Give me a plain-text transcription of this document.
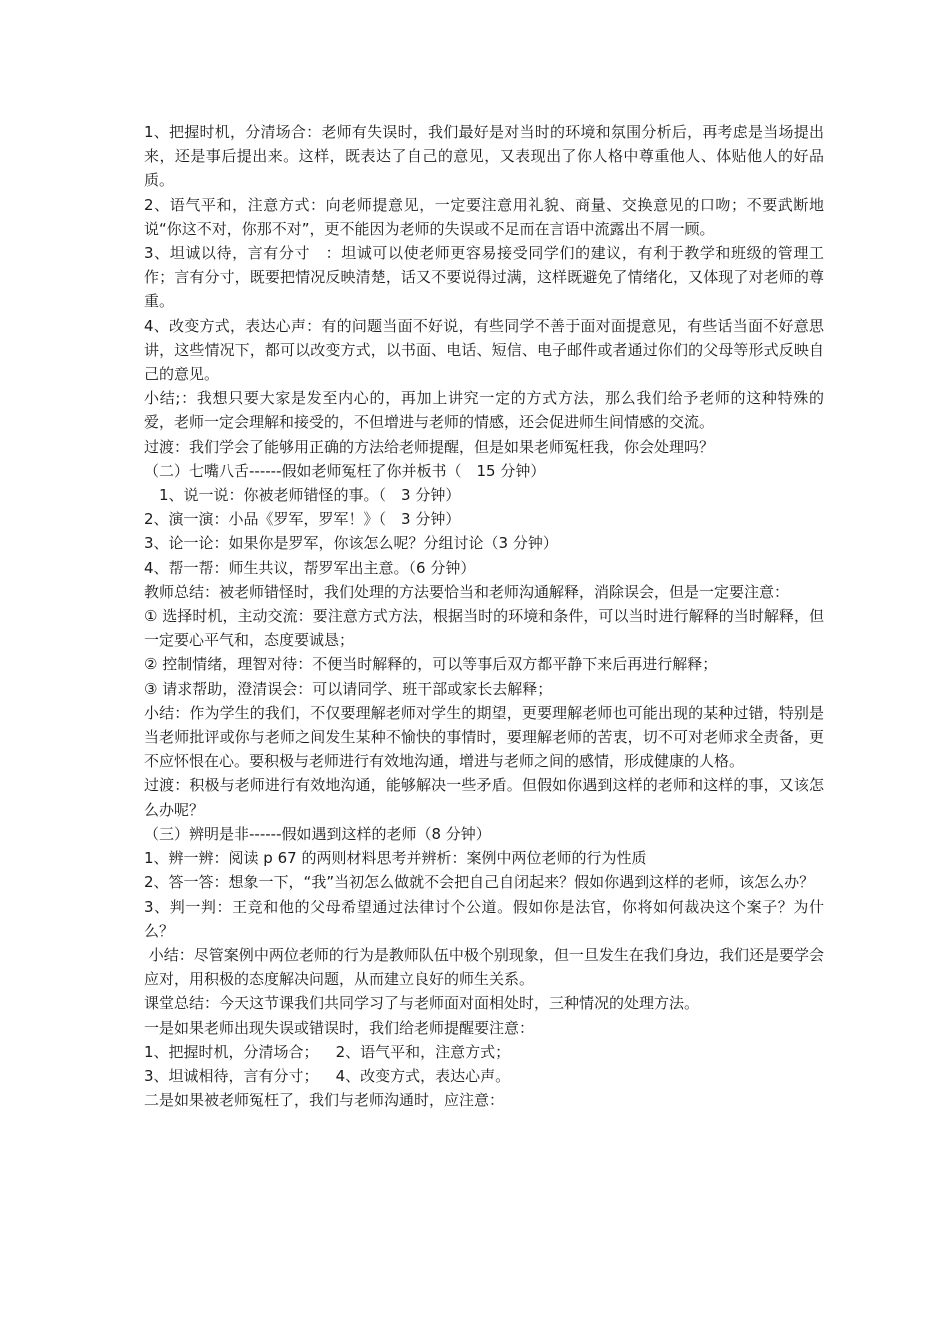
1、把握时机，分清场合：老师有失误时，我们最好是对当时的环境和氛围分析后，再考虑是当场提出来，还是事后提出来。这样，既表达了自己的意见，又表现出了你人格中尊重他人、体贴他人的好品质。

2、语气平和，注意方式：向老师提意见，一定要注意用礼貌、商量、交换意见的口吻；不要武断地说“你这不对，你那不对”，更不能因为老师的失误或不足而在言语中流露出不屑一顾。

3、坦诚以待，言有分寸　：坦诚可以使老师更容易接受同学们的建议，有利于教学和班级的管理工作；言有分寸，既要把情况反映清楚，话又不要说得过满，这样既避免了情绪化，又体现了对老师的尊重。

4、改变方式，表达心声：有的问题当面不好说，有些同学不善于面对面提意见，有些话当面不好意思讲，这些情况下，都可以改变方式，以书面、电话、短信、电子邮件或者通过你们的父母等形式反映自己的意见。

小结;：我想只要大家是发至内心的，再加上讲究一定的方式方法，那么我们给予老师的这种特殊的爱，老师一定会理解和接受的，不但增进与老师的情感，还会促进师生间情感的交流。

过渡：我们学会了能够用正确的方法给老师提醒，但是如果老师冤枉我，你会处理吗？

（二）七嘴八舌------假如老师冤枉了你并板书（　15 分钟）

　1、说一说：你被老师错怪的事。（　3 分钟）

2、演一演：小品《罗军，罗军！》（　3 分钟）

3、论一论：如果你是罗军，你该怎么呢？分组讨论（3 分钟）

4、帮一帮：师生共议，帮罗军出主意。（6 分钟）

教师总结：被老师错怪时，我们处理的方法要恰当和老师沟通解释，消除误会，但是一定要注意：

① 选择时机，主动交流：要注意方式方法，根据当时的环境和条件，可以当时进行解释的当时解释，但一定要心平气和，态度要诚恳；

② 控制情绪，理智对待：不便当时解释的，可以等事后双方都平静下来后再进行解释；

③ 请求帮助，澄清误会：可以请同学、班干部或家长去解释；

小结：作为学生的我们，不仅要理解老师对学生的期望，更要理解老师也可能出现的某种过错，特别是当老师批评或你与老师之间发生某种不愉快的事情时，要理解老师的苦衷，切不可对老师求全责备，更不应怀恨在心。要积极与老师进行有效地沟通，增进与老师之间的感情，形成健康的人格。

过渡：积极与老师进行有效地沟通，能够解决一些矛盾。但假如你遇到这样的老师和这样的事，又该怎么办呢？

（三）辨明是非------假如遇到这样的老师（8 分钟）

1、辨一辨：阅读 p 67 的两则材料思考并辨析：案例中两位老师的行为性质

2、答一答：想象一下，“我”当初怎么做就不会把自己自闭起来？假如你遇到这样的老师，该怎么办？

3、判一判：王竞和他的父母希望通过法律讨个公道。假如你是法官，你将如何裁决这个案子？为什么？

小结：尽管案例中两位老师的行为是教师队伍中极个别现象，但一旦发生在我们身边，我们还是要学会应对，用积极的态度解决问题，从而建立良好的师生关系。

课堂总结：今天这节课我们共同学习了与老师面对面相处时，三种情况的处理方法。

一是如果老师出现失误或错误时，我们给老师提醒要注意：

1、把握时机，分清场合；　  2、语气平和，注意方式；

3、坦诚相待，言有分寸；　  4、改变方式，表达心声。

二是如果被老师冤枉了，我们与老师沟通时，应注意：
